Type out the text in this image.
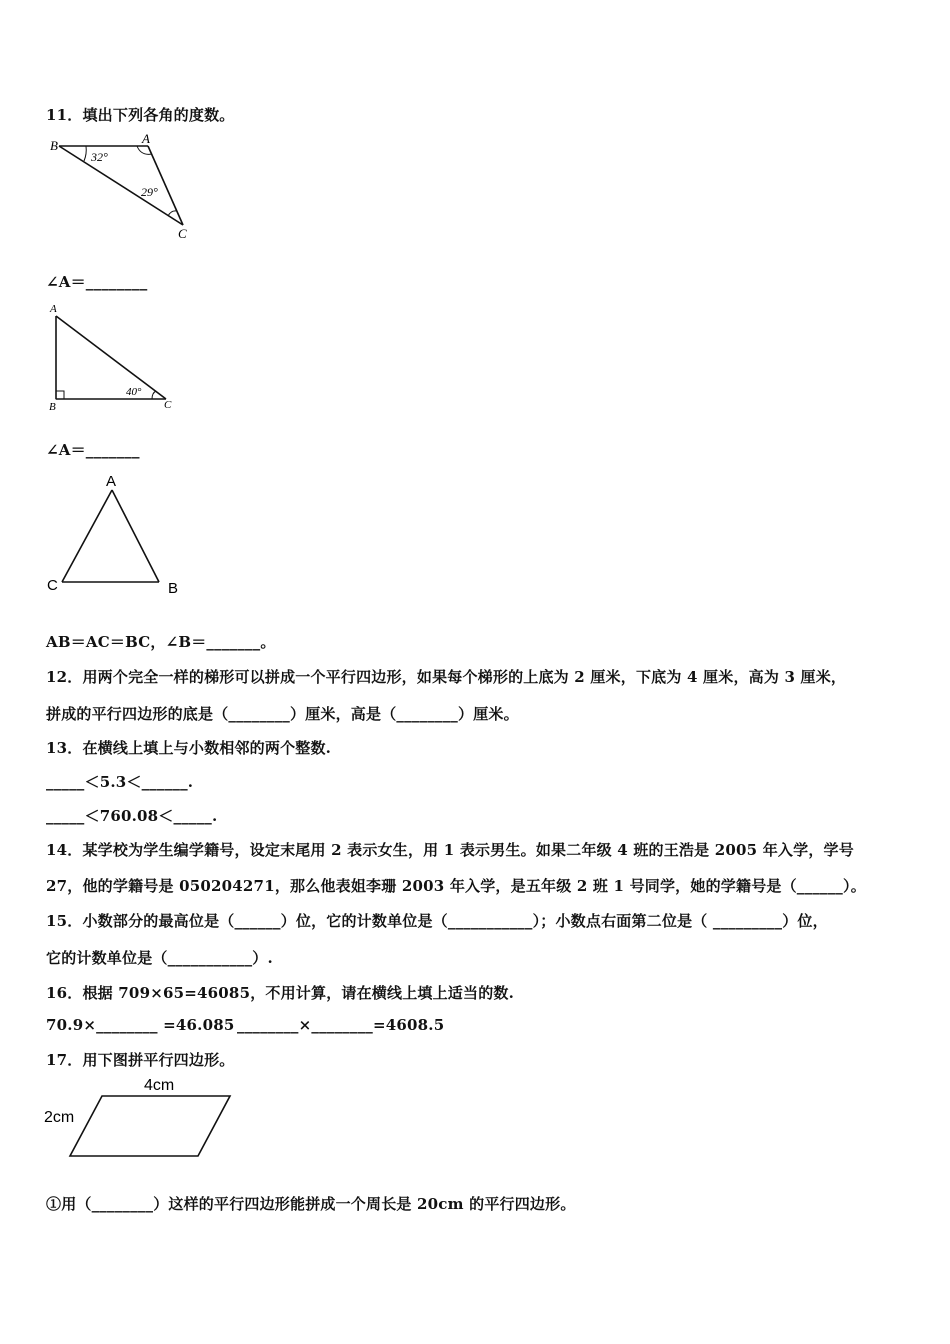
11．填出下列各角的度数。
B	A
C
32°
29°
∠A＝________
A
B	C
40°
∠A＝_______
A
C	B
AB＝AC＝BC，∠B＝_______。
12．用两个完全一样的梯形可以拼成一个平行四边形，如果每个梯形的上底为 2 厘米，下底为 4 厘米，高为 3 厘米，
拼成的平行四边形的底是（________）厘米，高是（________）厘米。
13．在横线上填上与小数相邻的两个整数.
_____＜5.3＜______.
_____＜760.08＜_____.
14．某学校为学生编学籍号，设定末尾用 2 表示女生，用 1 表示男生。如果二年级 4 班的王浩是 2005 年入学，学号
27，他的学籍号是 050204271，那么他表姐李珊 2003 年入学，是五年级 2 班 1 号同学，她的学籍号是（______）。
15．小数部分的最高位是（______）位，它的计数单位是（___________）；小数点右面第二位是（ _________）位，
它的计数单位是（___________）.
16．根据 709×65=46085，不用计算，请在横线上填上适当的数.
70.9×________ =46.085 ________×________=4608.5
17．用下图拼平行四边形。
4cm
2cm
①用（________）这样的平行四边形能拼成一个周长是 20cm 的平行四边形。
